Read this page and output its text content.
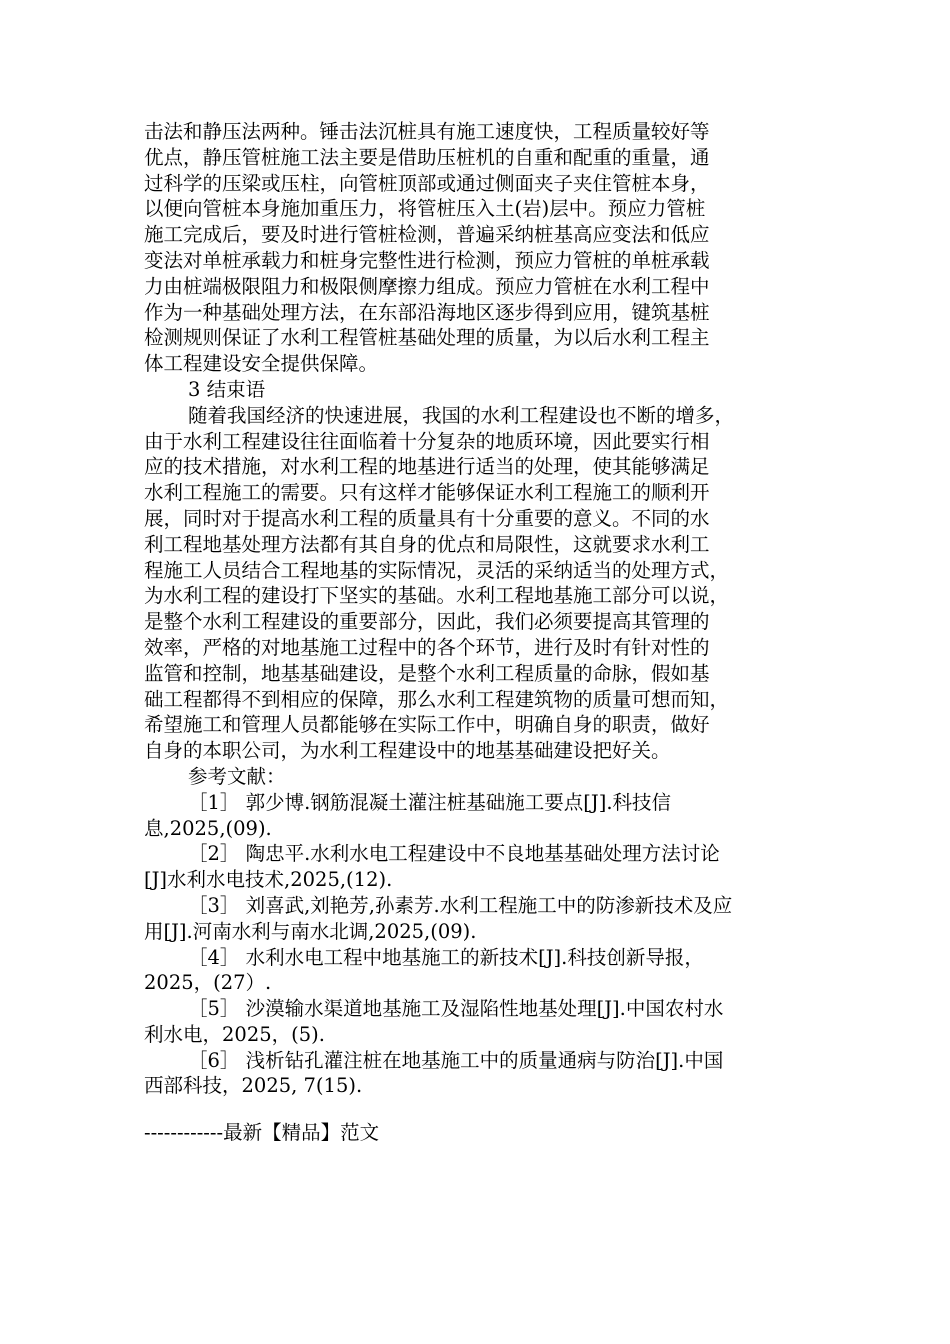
击法和静压法两种。锤击法沉桩具有施工速度快，工程质量较好等
优点，静压管桩施工法主要是借助压桩机的自重和配重的重量，通
过科学的压梁或压柱，向管桩顶部或通过侧面夹子夹住管桩本身，
以便向管桩本身施加重压力，将管桩压入土(岩)层中。预应力管桩
施工完成后，要及时进行管桩检测，普遍采纳桩基高应变法和低应
变法对单桩承载力和桩身完整性进行检测，预应力管桩的单桩承载
力由桩端极限阻力和极限侧摩擦力组成。预应力管桩在水利工程中
作为一种基础处理方法，在东部沿海地区逐步得到应用，键筑基桩
检测规则保证了水利工程管桩基础处理的质量，为以后水利工程主
体工程建设安全提供保障。
3 结束语
随着我国经济的快速进展，我国的水利工程建设也不断的增多，
由于水利工程建设往往面临着十分复杂的地质环境，因此要实行相
应的技术措施，对水利工程的地基进行适当的处理，使其能够满足
水利工程施工的需要。只有这样才能够保证水利工程施工的顺利开
展，同时对于提高水利工程的质量具有十分重要的意义。不同的水
利工程地基处理方法都有其自身的优点和局限性，这就要求水利工
程施工人员结合工程地基的实际情况，灵活的采纳适当的处理方式，
为水利工程的建设打下坚实的基础。水利工程地基施工部分可以说，
是整个水利工程建设的重要部分，因此，我们必须要提高其管理的
效率，严格的对地基施工过程中的各个环节，进行及时有针对性的
监管和控制，地基基础建设，是整个水利工程质量的命脉，假如基
础工程都得不到相应的保障，那么水利工程建筑物的质量可想而知，
希望施工和管理人员都能够在实际工作中，明确自身的职责，做好
自身的本职公司，为水利工程建设中的地基基础建设把好关。
参考文献：
［1］ 郭少博.钢筋混凝土灌注桩基础施工要点[J].科技信
息,2025,(09).
［2］ 陶忠平.水利水电工程建设中不良地基基础处理方法讨论
[J]水利水电技术,2025,(12).
［3］ 刘喜武,刘艳芳,孙素芳.水利工程施工中的防渗新技术及应
用[J].河南水利与南水北调,2025,(09).
［4］ 水利水电工程中地基施工的新技术[J].科技创新导报，
2025，(27）.
［5］ 沙漠输水渠道地基施工及湿陷性地基处理[J].中国农村水
利水电，2025，(5).
［6］ 浅析钻孔灌注桩在地基施工中的质量通病与防治[J].中国
西部科技，2025, 7(15).
------------最新【精品】范文
